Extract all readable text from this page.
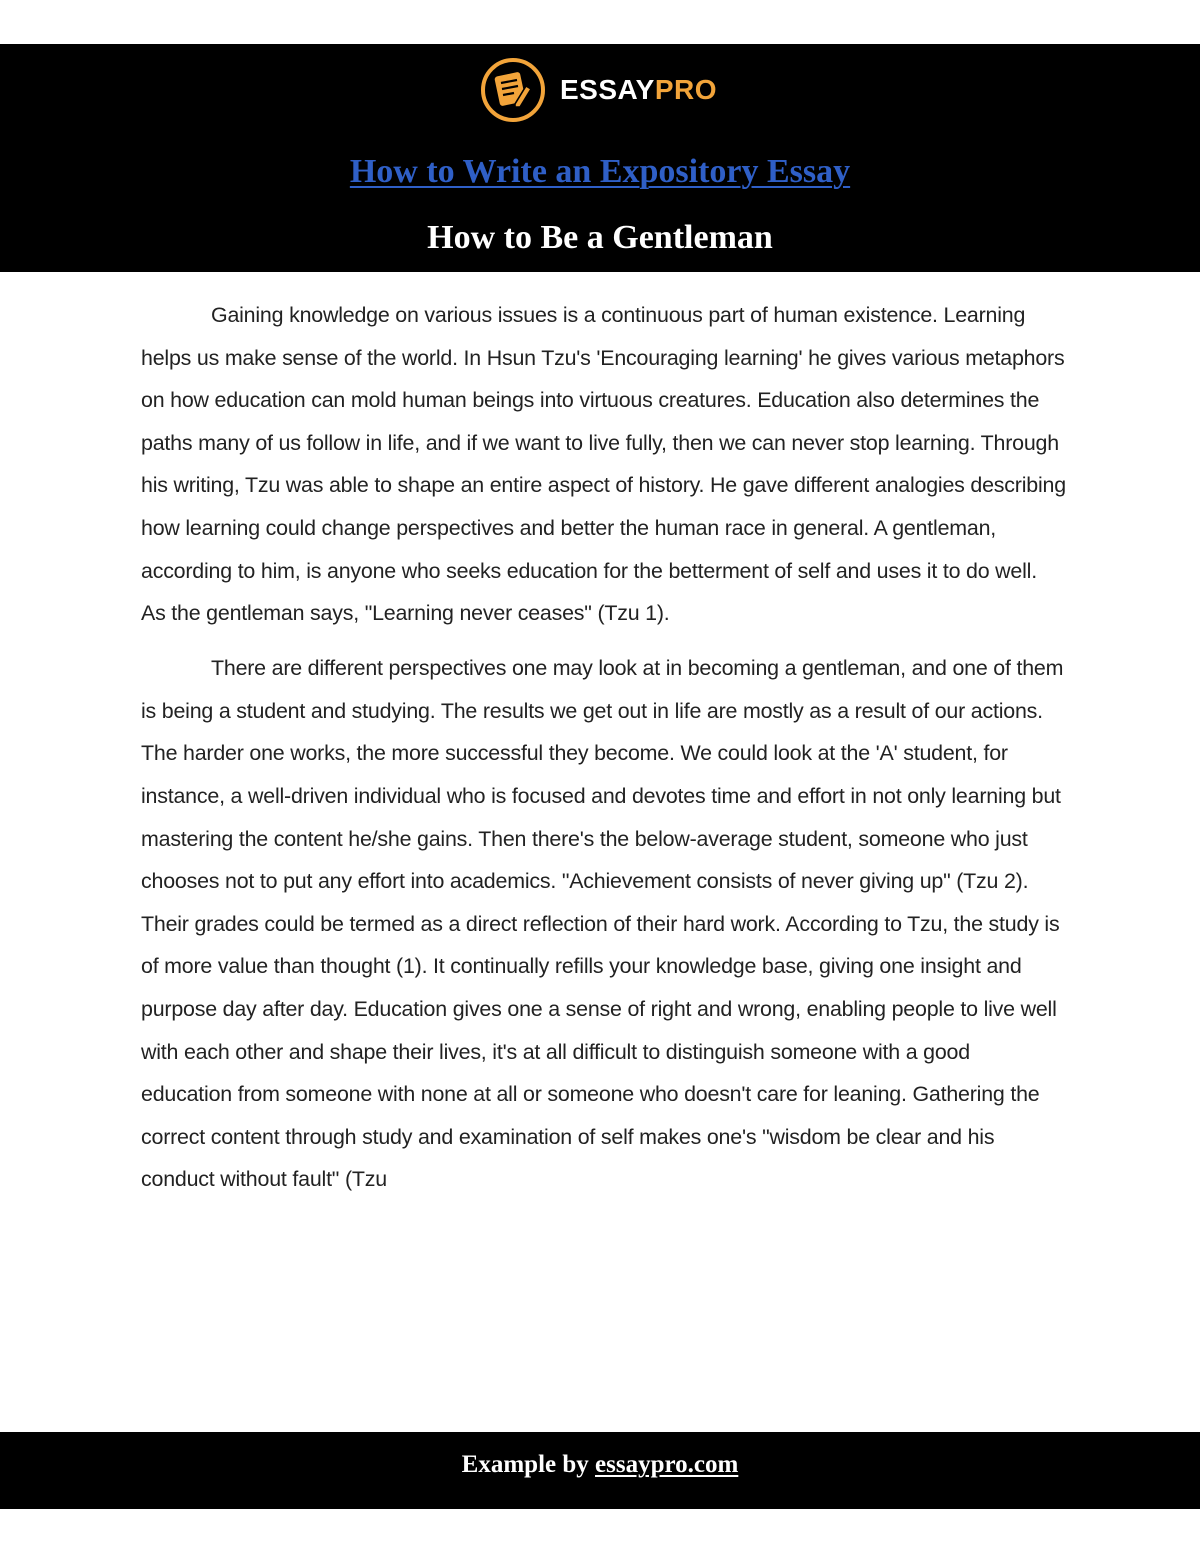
ESSAYPRO
How to Write an Expository Essay
How to Be a Gentleman

Gaining knowledge on various issues is a continuous part of human existence. Learning helps us make sense of the world. In Hsun Tzu's 'Encouraging learning' he gives various metaphors on how education can mold human beings into virtuous creatures. Education also determines the paths many of us follow in life, and if we want to live fully, then we can never stop learning. Through his writing, Tzu was able to shape an entire aspect of history. He gave different analogies describing how learning could change perspectives and better the human race in general. A gentleman, according to him, is anyone who seeks education for the betterment of self and uses it to do well. As the gentleman says, "Learning never ceases" (Tzu 1).

There are different perspectives one may look at in becoming a gentleman, and one of them is being a student and studying. The results we get out in life are mostly as a result of our actions. The harder one works, the more successful they become. We could look at the 'A' student, for instance, a well-driven individual who is focused and devotes time and effort in not only learning but mastering the content he/she gains. Then there's the below-average student, someone who just chooses not to put any effort into academics. "Achievement consists of never giving up" (Tzu 2). Their grades could be termed as a direct reflection of their hard work. According to Tzu, the study is of more value than thought (1). It continually refills your knowledge base, giving one insight and purpose day after day. Education gives one a sense of right and wrong, enabling people to live well with each other and shape their lives, it's at all difficult to distinguish someone with a good education from someone with none at all or someone who doesn't care for leaning. Gathering the correct content through study and examination of self makes one's "wisdom be clear and his conduct without fault" (Tzu

Example by essaypro.com
